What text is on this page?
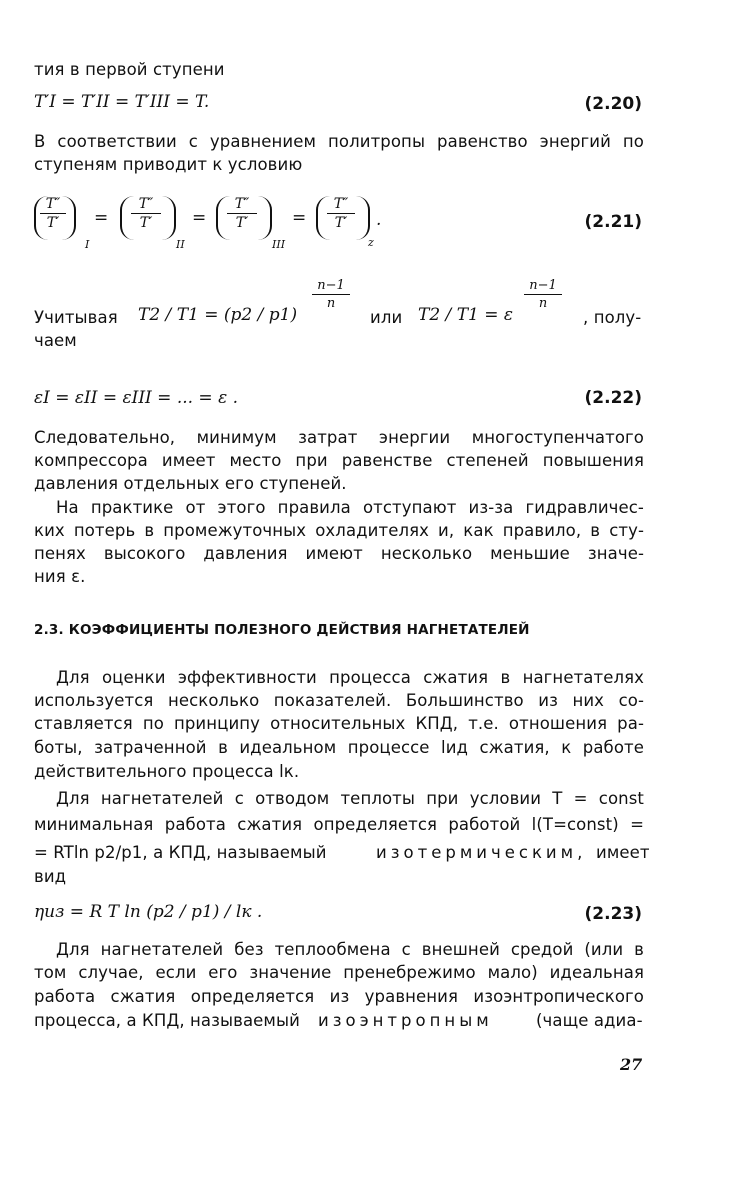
тия в первой ступени
T′I = T′II = T′III = T.	(2.20)
В соответствии с уравнением политропы равенство энергий по
ступеням приводит к условию
T″
T′
I
=
T″
T′
II
=
T″
T′
III
=
T″
T′
z
.	(2.21)
n−1
n
n−1
n
Учитывая T2 / T1 = (p2 / p1)	или T2 / T1 = ε	, полу-
чаем
εI = εII = εIII = ... = ε .	(2.22)
Следовательно, минимум затрат энергии многоступенчатого
компрессора имеет место при равенстве степеней повышения
давления отдельных его ступеней.
На практике от этого правила отступают из-за гидравличес-
ких потерь в промежуточных охладителях и, как правило, в сту-
пенях высокого давления имеют несколько меньшие значе-
ния ε.
2.3. КОЭФФИЦИЕНТЫ ПОЛЕЗНОГО ДЕЙСТВИЯ НАГНЕТАТЕЛЕЙ
Для оценки эффективности процесса сжатия в нагнетателях
используется несколько показателей. Большинство из них со-
ставляется по принципу относительных КПД, т.е. отношения ра-
боты, затраченной в идеальном процессе lид сжатия, к работе
действительного процесса lк.
Для нагнетателей с отводом теплоты при условии T = const
минимальная работа сжатия определяется работой l(T=const) =
= RTln p2/p1, а КПД, называемый	изотермическим, имеет
вид
ηиз = R T ln (p2 / p1) / lк .	(2.23)
Для нагнетателей без теплообмена с внешней средой (или в
том случае, если его значение пренебрежимо мало) идеальная
работа сжатия определяется из уравнения изоэнтропического
процесса, а КПД, называемый изоэнтропным	(чаще адиа-
27
